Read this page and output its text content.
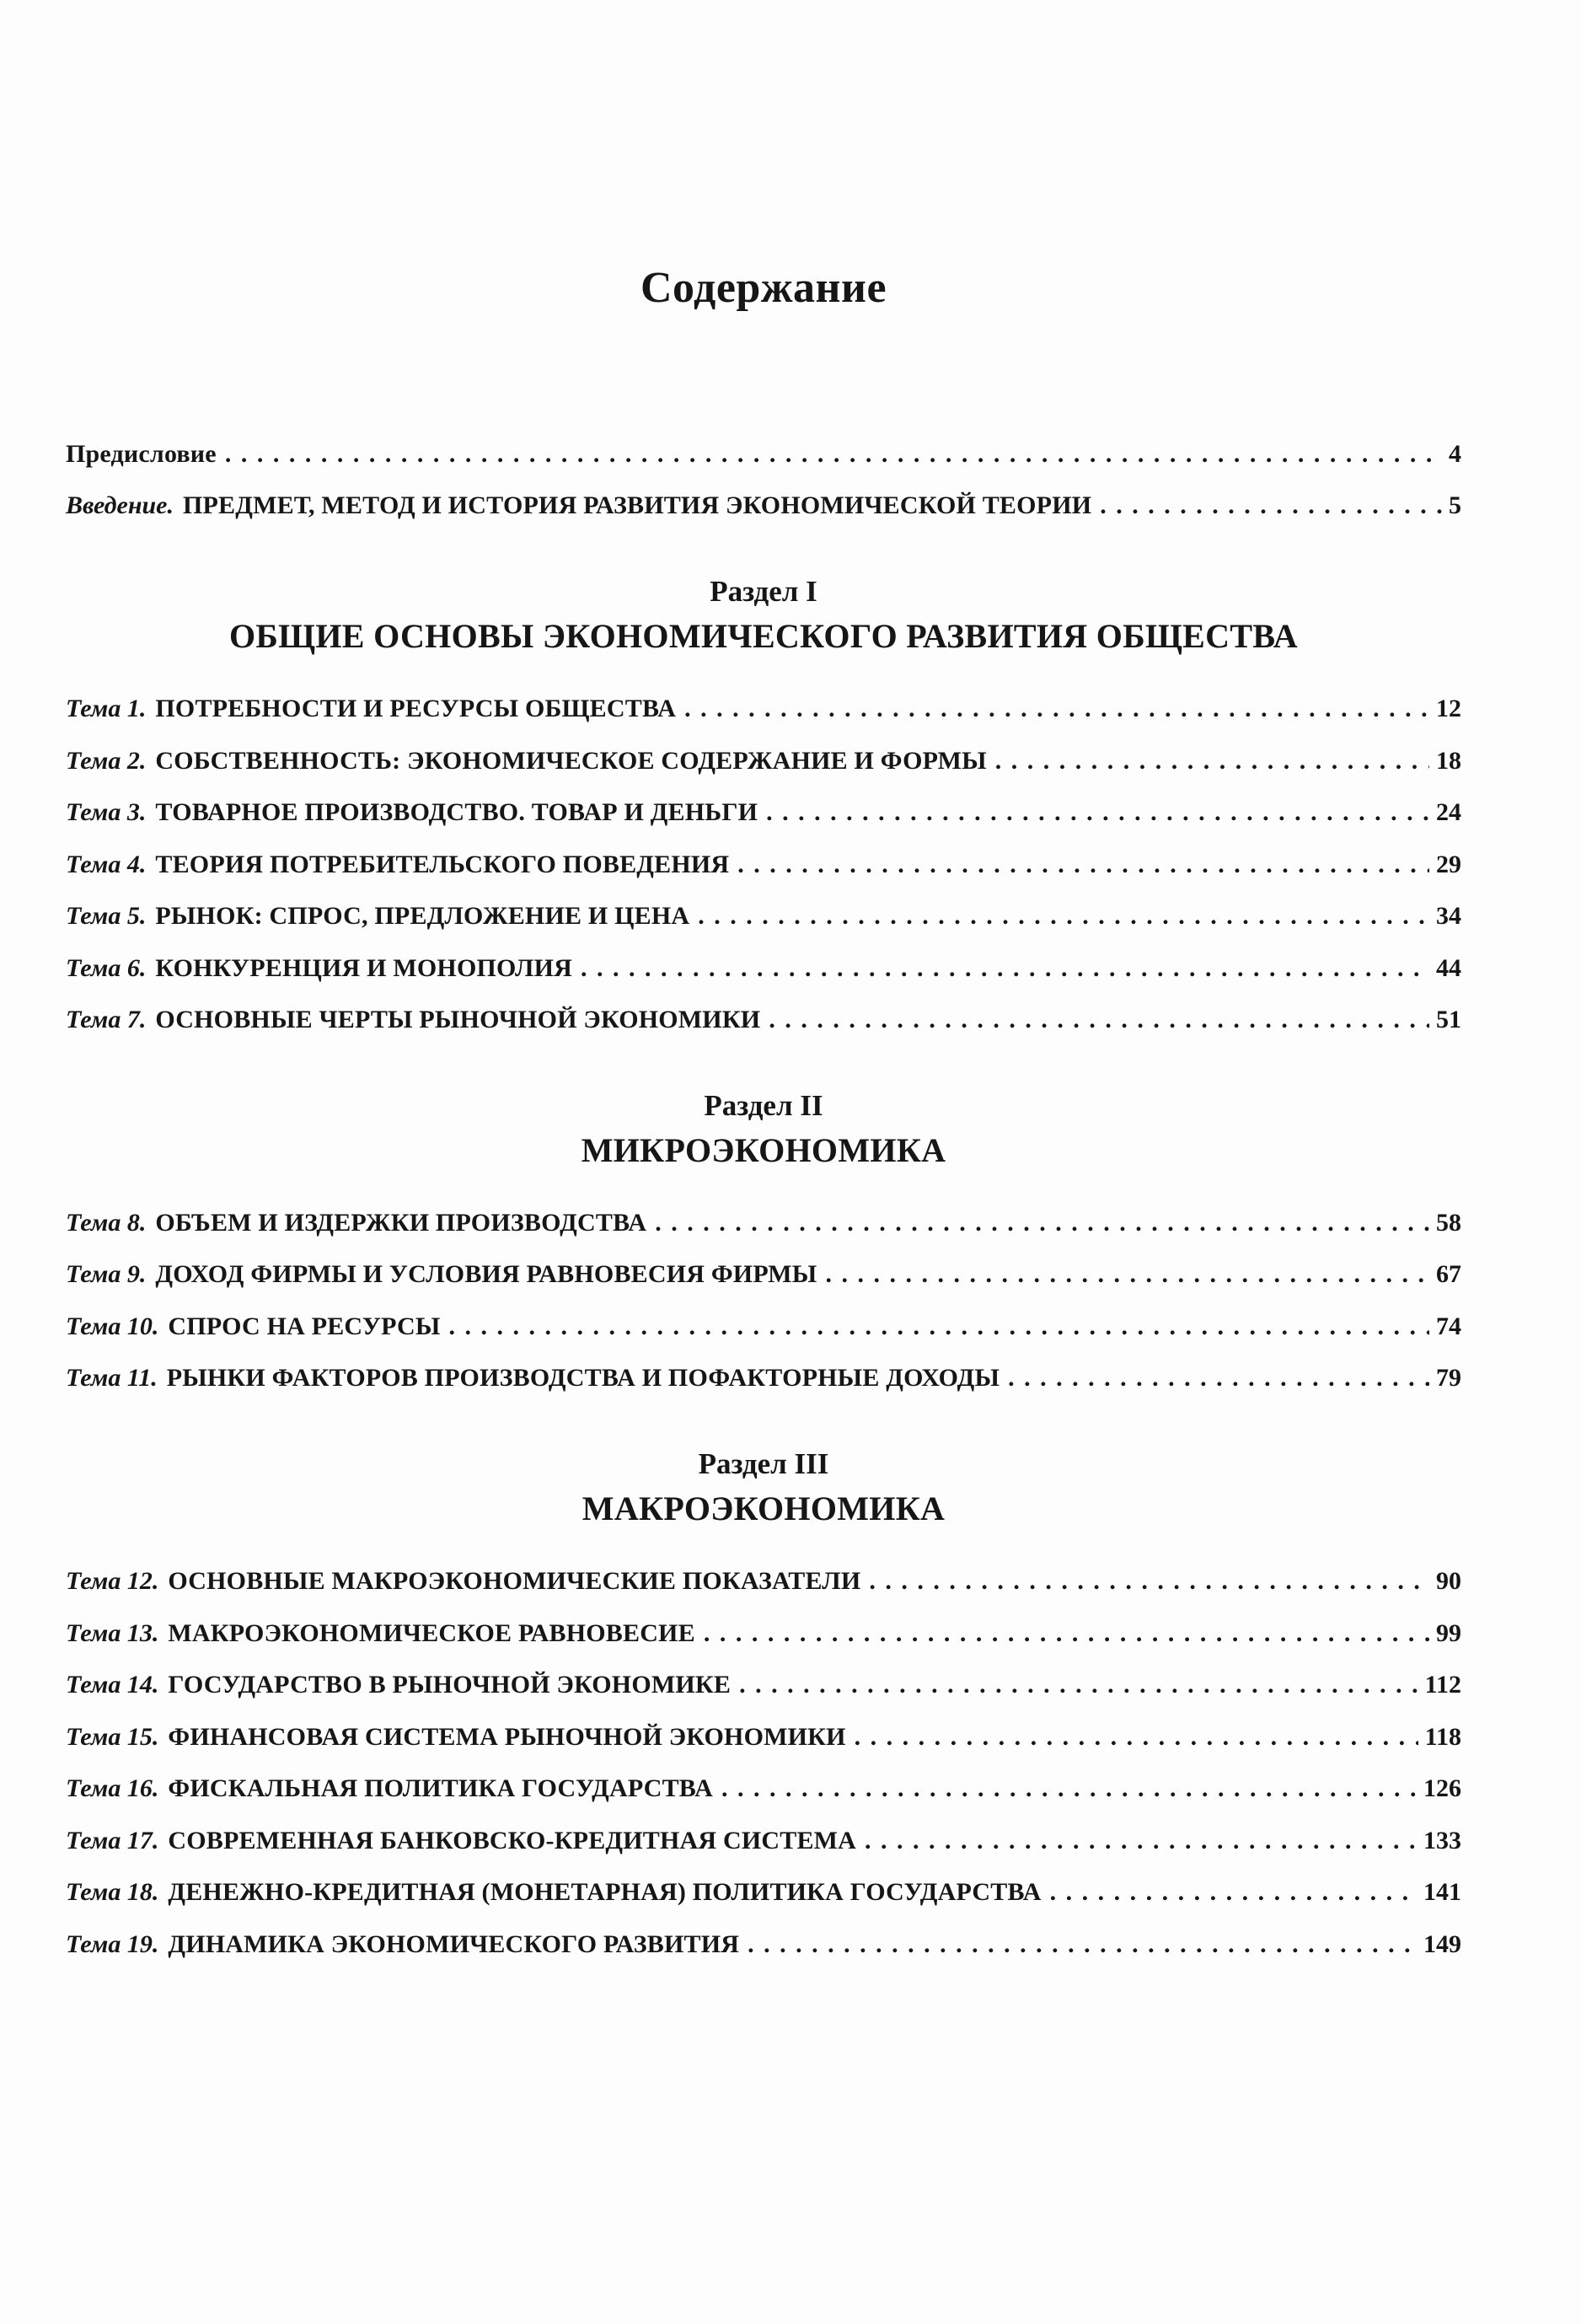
Содержание
Предисловие . . .	4
Введение. ПРЕДМЕТ, МЕТОД И ИСТОРИЯ РАЗВИТИЯ ЭКОНОМИЧЕСКОЙ ТЕОРИИ . . .	5
Раздел I
ОБЩИЕ ОСНОВЫ ЭКОНОМИЧЕСКОГО РАЗВИТИЯ ОБЩЕСТВА
Тема 1. ПОТРЕБНОСТИ И РЕСУРСЫ ОБЩЕСТВА . . .	12
Тема 2. СОБСТВЕННОСТЬ: ЭКОНОМИЧЕСКОЕ СОДЕРЖАНИЕ И ФОРМЫ . . .	18
Тема 3. ТОВАРНОЕ ПРОИЗВОДСТВО. ТОВАР И ДЕНЬГИ . . .	24
Тема 4. ТЕОРИЯ ПОТРЕБИТЕЛЬСКОГО ПОВЕДЕНИЯ . . .	29
Тема 5. РЫНОК: СПРОС, ПРЕДЛОЖЕНИЕ И ЦЕНА . . .	34
Тема 6. КОНКУРЕНЦИЯ И МОНОПОЛИЯ . . .	44
Тема 7. ОСНОВНЫЕ ЧЕРТЫ РЫНОЧНОЙ ЭКОНОМИКИ . . .	51
Раздел II
МИКРОЭКОНОМИКА
Тема 8. ОБЪЕМ И ИЗДЕРЖКИ ПРОИЗВОДСТВА . . .	58
Тема 9. ДОХОД ФИРМЫ И УСЛОВИЯ РАВНОВЕСИЯ ФИРМЫ . . .	67
Тема 10. СПРОС НА РЕСУРСЫ . . .	74
Тема 11. РЫНКИ ФАКТОРОВ ПРОИЗВОДСТВА И ПОФАКТОРНЫЕ ДОХОДЫ . . .	79
Раздел III
МАКРОЭКОНОМИКА
Тема 12. ОСНОВНЫЕ МАКРОЭКОНОМИЧЕСКИЕ ПОКАЗАТЕЛИ . . .	90
Тема 13. МАКРОЭКОНОМИЧЕСКОЕ РАВНОВЕСИЕ . . .	99
Тема 14. ГОСУДАРСТВО В РЫНОЧНОЙ ЭКОНОМИКЕ . . .	112
Тема 15. ФИНАНСОВАЯ СИСТЕМА РЫНОЧНОЙ ЭКОНОМИКИ . . .	118
Тема 16. ФИСКАЛЬНАЯ ПОЛИТИКА ГОСУДАРСТВА . . .	126
Тема 17. СОВРЕМЕННАЯ БАНКОВСКО-КРЕДИТНАЯ СИСТЕМА . . .	133
Тема 18. ДЕНЕЖНО-КРЕДИТНАЯ (МОНЕТАРНАЯ) ПОЛИТИКА ГОСУДАРСТВА . . .	141
Тема 19. ДИНАМИКА ЭКОНОМИЧЕСКОГО РАЗВИТИЯ . . .	149
